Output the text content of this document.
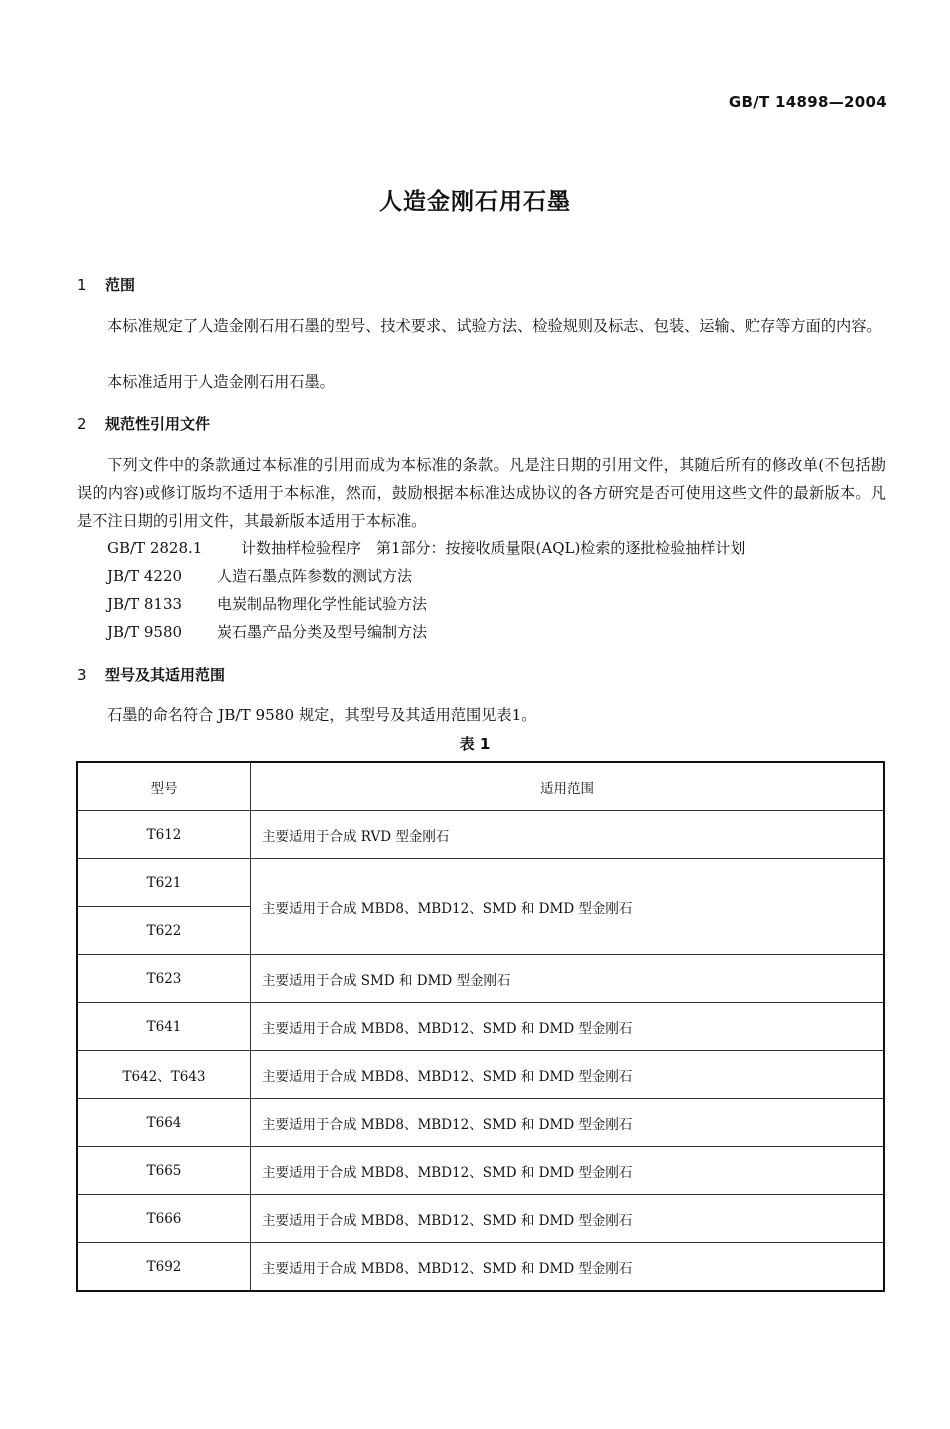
GB/T 14898—2004
人造金刚石用石墨
1 范围
本标准规定了人造金刚石用石墨的型号、技术要求、试验方法、检验规则及标志、包装、运输、贮存等方面的内容。
本标准适用于人造金刚石用石墨。
2 规范性引用文件
下列文件中的条款通过本标准的引用而成为本标准的条款。凡是注日期的引用文件，其随后所有的修改单(不包括勘误的内容)或修订版均不适用于本标准，然而，鼓励根据本标准达成协议的各方研究是否可使用这些文件的最新版本。凡是不注日期的引用文件，其最新版本适用于本标准。
GB/T 2828.1	计数抽样检验程序　第1部分：按接收质量限(AQL)检索的逐批检验抽样计划
JB/T 4220 人造石墨点阵参数的测试方法
JB/T 8133 电炭制品物理化学性能试验方法
JB/T 9580 炭石墨产品分类及型号编制方法
3 型号及其适用范围
石墨的命名符合 JB/T 9580 规定，其型号及其适用范围见表1。
表 1
型号	适用范围
T612	主要适用于合成 RVD 型金刚石
T621	主要适用于合成 MBD8、MBD12、SMD 和 DMD 型金刚石
T622	
T623	主要适用于合成 SMD 和 DMD 型金刚石
T641	主要适用于合成 MBD8、MBD12、SMD 和 DMD 型金刚石
T642、T643	主要适用于合成 MBD8、MBD12、SMD 和 DMD 型金刚石
T664	主要适用于合成 MBD8、MBD12、SMD 和 DMD 型金刚石
T665	主要适用于合成 MBD8、MBD12、SMD 和 DMD 型金刚石
T666	主要适用于合成 MBD8、MBD12、SMD 和 DMD 型金刚石
T692	主要适用于合成 MBD8、MBD12、SMD 和 DMD 型金刚石
